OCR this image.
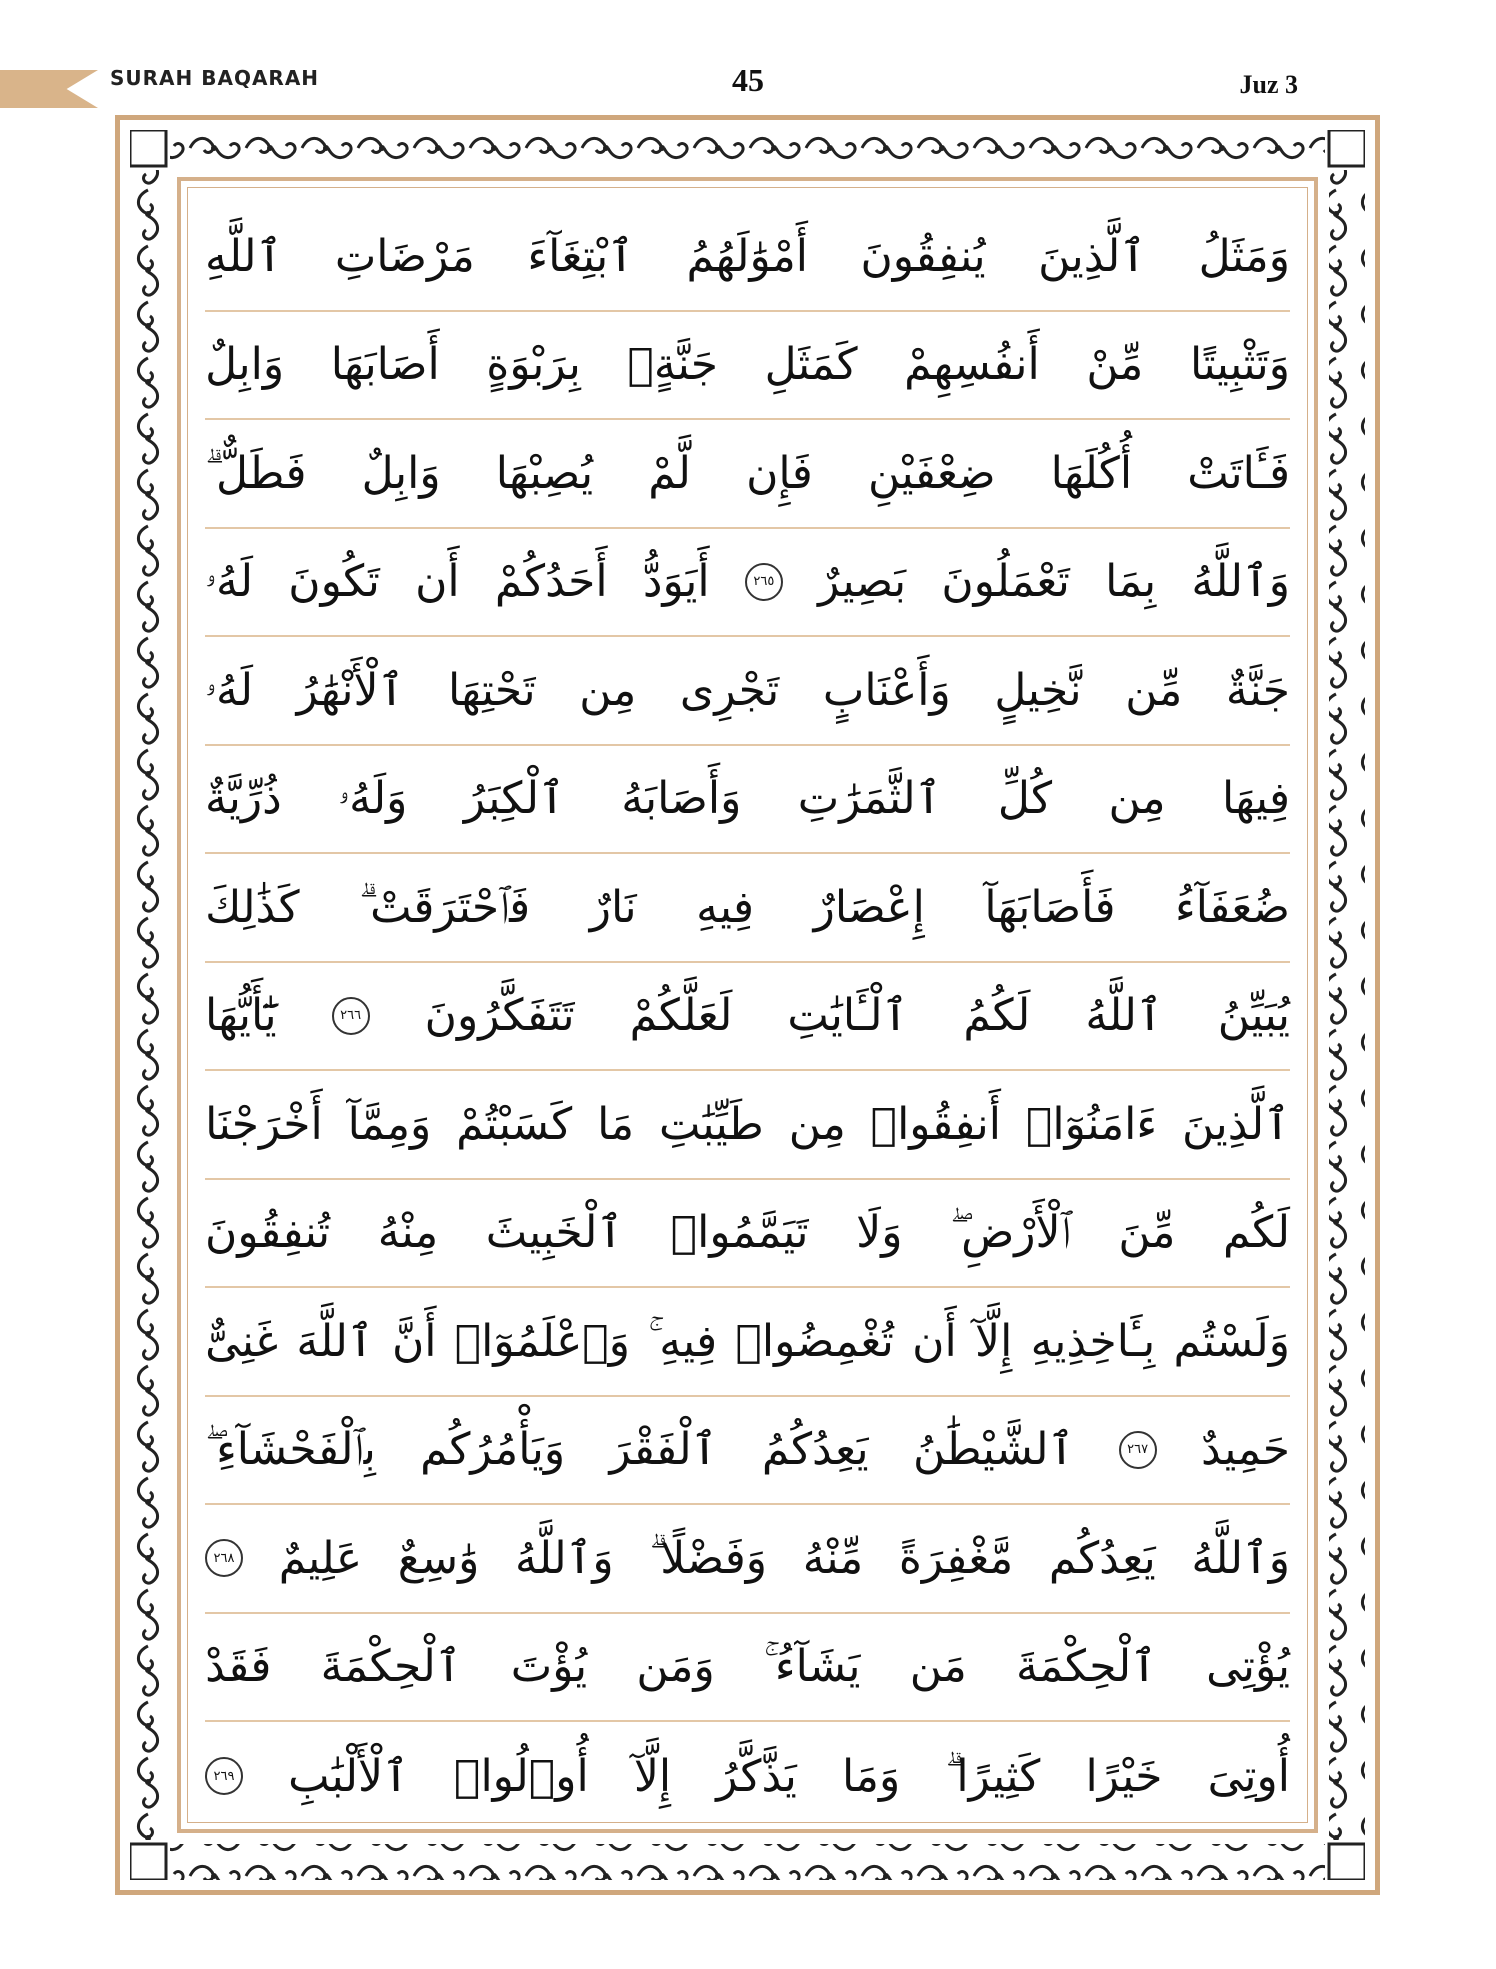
SURAH BAQARAH	45	Juz 3
وَمَثَلُ
ٱلَّذِينَ
يُنفِقُونَ
أَمْوَٰلَهُمُ
ٱبْتِغَآءَ
مَرْضَاتِ
ٱللَّهِ
وَتَثْبِيتًا
مِّنْ
أَنفُسِهِمْ
كَمَثَلِ
جَنَّةٍۭ
بِرَبْوَةٍ
أَصَابَهَا
وَابِلٌ
فَـَٔاتَتْ
أُكُلَهَا
ضِعْفَيْنِ
فَإِن
لَّمْ
يُصِبْهَا
وَابِلٌ
فَطَلٌّ ۗ
وَٱللَّهُ
بِمَا
تَعْمَلُونَ
بَصِيرٌ
٢٦٥
أَيَوَدُّ
أَحَدُكُمْ
أَن
تَكُونَ
لَهُۥ
جَنَّةٌ
مِّن
نَّخِيلٍ
وَأَعْنَابٍ
تَجْرِى
مِن
تَحْتِهَا
ٱلْأَنْهَٰرُ
لَهُۥ
فِيهَا
مِن
كُلِّ
ٱلثَّمَرَٰتِ
وَأَصَابَهُ
ٱلْكِبَرُ
وَلَهُۥ
ذُرِّيَّةٌ
ضُعَفَآءُ
فَأَصَابَهَآ
إِعْصَارٌ
فِيهِ
نَارٌ
فَٱحْتَرَقَتْ ۗ
كَذَٰلِكَ
يُبَيِّنُ
ٱللَّهُ
لَكُمُ
ٱلْـَٔايَٰتِ
لَعَلَّكُمْ
تَتَفَكَّرُونَ
٢٦٦
يَٰٓأَيُّهَا
ٱلَّذِينَ
ءَامَنُوٓا۟
أَنفِقُوا۟
مِن
طَيِّبَٰتِ
مَا
كَسَبْتُمْ
وَمِمَّآ
أَخْرَجْنَا
لَكُم
مِّنَ
ٱلْأَرْضِ ۖ
وَلَا
تَيَمَّمُوا۟
ٱلْخَبِيثَ
مِنْهُ
تُنفِقُونَ
وَلَسْتُم
بِـَٔاخِذِيهِ
إِلَّآ
أَن
تُغْمِضُوا۟
فِيهِ ۚ
وَٱعْلَمُوٓا۟
أَنَّ
ٱللَّهَ
غَنِىٌّ
حَمِيدٌ
٢٦٧
ٱلشَّيْطَٰنُ
يَعِدُكُمُ
ٱلْفَقْرَ
وَيَأْمُرُكُم
بِٱلْفَحْشَآءِ ۖ
وَٱللَّهُ
يَعِدُكُم
مَّغْفِرَةً
مِّنْهُ
وَفَضْلًا ۗ
وَٱللَّهُ
وَٰسِعٌ
عَلِيمٌ
٢٦٨
يُؤْتِى
ٱلْحِكْمَةَ
مَن
يَشَآءُ ۚ
وَمَن
يُؤْتَ
ٱلْحِكْمَةَ
فَقَدْ
أُوتِىَ
خَيْرًا
كَثِيرًا ۗ
وَمَا
يَذَّكَّرُ
إِلَّآ
أُو۟لُوا۟
ٱلْأَلْبَٰبِ
٢٦٩
